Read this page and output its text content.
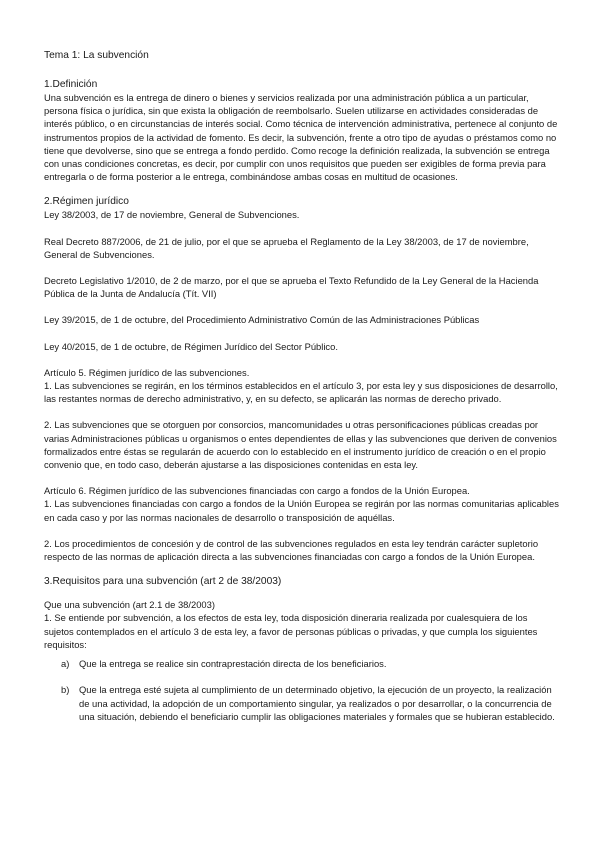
Tema 1: La subvención

1.Definición

Una subvención es la entrega de dinero o bienes y servicios realizada por una administración pública a un particular, persona física o jurídica, sin que exista la obligación de reembolsarlo. Suelen utilizarse en actividades consideradas de interés público, o en circunstancias de interés social. Como técnica de intervención administrativa, pertenece al conjunto de instrumentos propios de la actividad de fomento. Es decir, la subvención, frente a otro tipo de ayudas o préstamos como no tiene que devolverse, sino que se entrega a fondo perdido. Como recoge la definición realizada, la subvención se entrega con unas condiciones concretas, es decir, por cumplir con unos requisitos que pueden ser exigibles de forma previa para entregarla o de forma posterior a le entrega, combinándose ambas cosas en multitud de ocasiones.

2.Régimen jurídico

Ley 38/2003, de 17 de noviembre, General de Subvenciones.

Real Decreto 887/2006, de 21 de julio, por el que se aprueba el Reglamento de la Ley 38/2003, de 17 de noviembre, General de Subvenciones.

Decreto Legislativo 1/2010, de 2 de marzo, por el que se aprueba el Texto Refundido de la Ley General de la Hacienda Pública de la Junta de Andalucía (Tít. VII)

Ley 39/2015, de 1 de octubre, del Procedimiento Administrativo Común de las Administraciones Públicas

Ley 40/2015, de 1 de octubre, de Régimen Jurídico del Sector Público.

Artículo 5. Régimen jurídico de las subvenciones.

1. Las subvenciones se regirán, en los términos establecidos en el artículo 3, por esta ley y sus disposiciones de desarrollo, las restantes normas de derecho administrativo, y, en su defecto, se aplicarán las normas de derecho privado.

2. Las subvenciones que se otorguen por consorcios, mancomunidades u otras personificaciones públicas creadas por varias Administraciones públicas u organismos o entes dependientes de ellas y las subvenciones que deriven de convenios formalizados entre éstas se regularán de acuerdo con lo establecido en el instrumento jurídico de creación o en el propio convenio que, en todo caso, deberán ajustarse a las disposiciones contenidas en esta ley.

Artículo 6. Régimen jurídico de las subvenciones financiadas con cargo a fondos de la Unión Europea.

1. Las subvenciones financiadas con cargo a fondos de la Unión Europea se regirán por las normas comunitarias aplicables en cada caso y por las normas nacionales de desarrollo o transposición de aquéllas.

2. Los procedimientos de concesión y de control de las subvenciones regulados en esta ley tendrán carácter supletorio respecto de las normas de aplicación directa a las subvenciones financiadas con cargo a fondos de la Unión Europea.

3.Requisitos para una subvención (art 2 de 38/2003)

Que una subvención (art 2.1 de 38/2003)

1. Se entiende por subvención, a los efectos de esta ley, toda disposición dineraria realizada por cualesquiera de los sujetos contemplados en el artículo 3 de esta ley, a favor de personas públicas o privadas, y que cumpla los siguientes requisitos:

a) Que la entrega se realice sin contraprestación directa de los beneficiarios.

b) Que la entrega esté sujeta al cumplimiento de un determinado objetivo, la ejecución de un proyecto, la realización de una actividad, la adopción de un comportamiento singular, ya realizados o por desarrollar, o la concurrencia de una situación, debiendo el beneficiario cumplir las obligaciones materiales y formales que se hubieran establecido.
